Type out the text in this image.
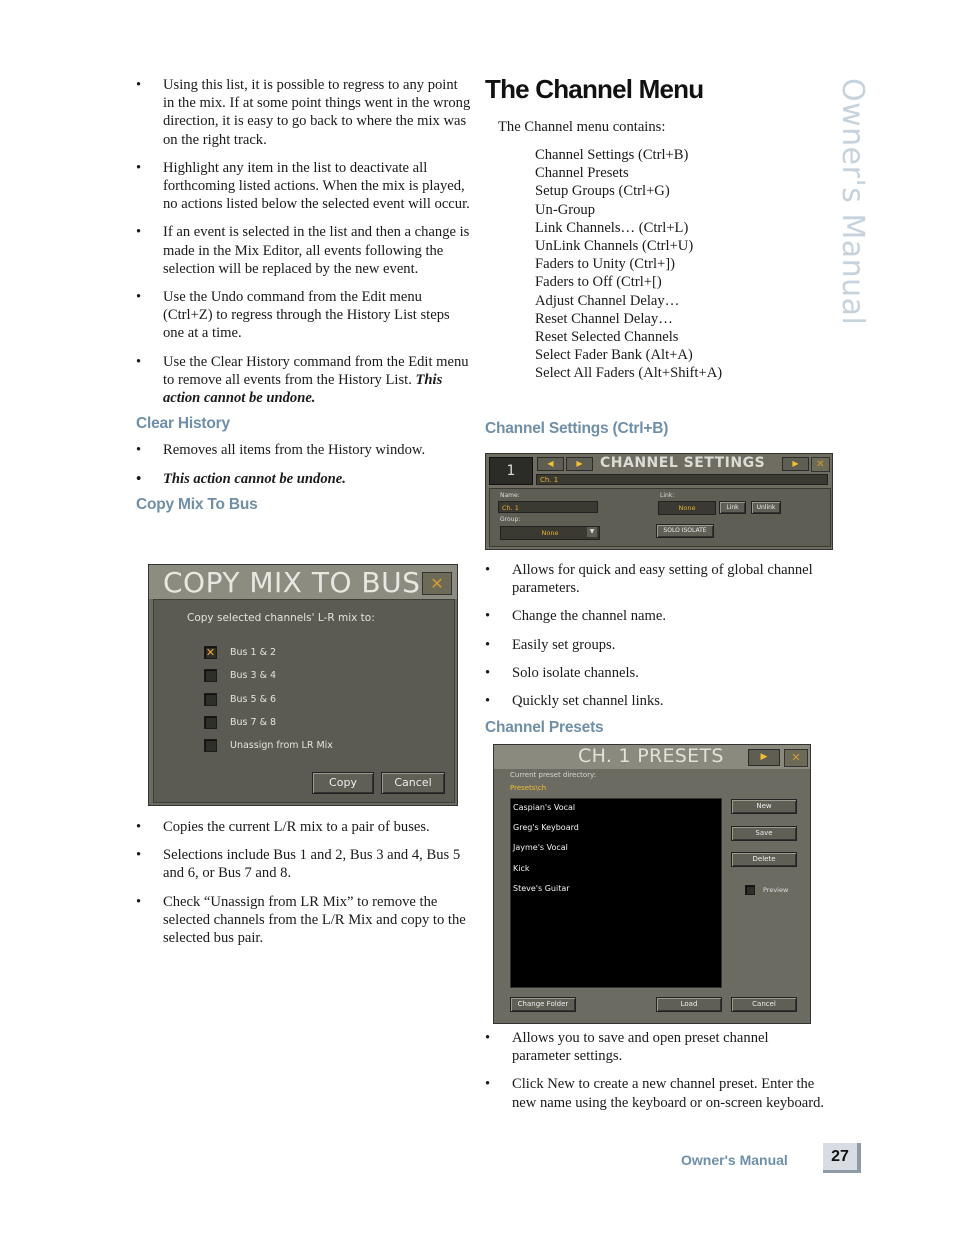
• Using this list, it is possible to regress to any point in the mix. If at some point things went in the wrong direction, it is easy to go back to where the mix was on the right track.
• Highlight any item in the list to deactivate all forthcoming listed actions. When the mix is played, no actions listed below the selected event will occur.
• If an event is selected in the list and then a change is made in the Mix Editor, all events following the selection will be replaced by the new event.
• Use the Undo command from the Edit menu (Ctrl+Z) to regress through the History List steps one at a time.
• Use the Clear History command from the Edit menu to remove all events from the History List. This action cannot be undone.
Clear History
• Removes all items from the History window.
• This action cannot be undone.
Copy Mix To Bus
COPY MIX TO BUS ✕
Copy selected channels' L-R mix to:
✕ Bus 1 & 2
Bus 3 & 4
Bus 5 & 6
Bus 7 & 8
Unassign from LR Mix
Copy	Cancel
• Copies the current L/R mix to a pair of buses.
• Selections include Bus 1 and 2, Bus 3 and 4, Bus 5 and 6, or Bus 7 and 8.
• Check “Unassign from LR Mix” to remove the selected channels from the L/R Mix and copy to the selected bus pair.
The Channel Menu
The Channel menu contains:
Channel Settings (Ctrl+B)
Channel Presets
Setup Groups (Ctrl+G)
Un-Group
Link Channels… (Ctrl+L)
UnLink Channels (Ctrl+U)
Faders to Unity (Ctrl+])
Faders to Off (Ctrl+[)
Adjust Channel Delay…
Reset Channel Delay…
Reset Selected Channels
Select Fader Bank (Alt+A)
Select All Faders (Alt+Shift+A)
Channel Settings (Ctrl+B)
1	◀	▶	CHANNEL SETTINGS	▶	✕
Ch. 1
Name:
Ch. 1
Link:
None	Link	Unlink
Group:
None	▼	SOLO ISOLATE
• Allows for quick and easy setting of global channel parameters.
• Change the channel name.
• Easily set groups.
• Solo isolate channels.
• Quickly set channel links.
Channel Presets
CH. 1 PRESETS	▶	✕
Current preset directory:
Presets\ch
Caspian's Vocal
Greg's Keyboard
Jayme's Vocal
Kick
Steve's Guitar
New
Save
Delete
Preview
Change Folder	Load	Cancel
• Allows you to save and open preset channel parameter settings.
• Click New to create a new channel preset. Enter the new name using the keyboard or on-screen keyboard.
Owner's Manual
Owner's Manual	27
